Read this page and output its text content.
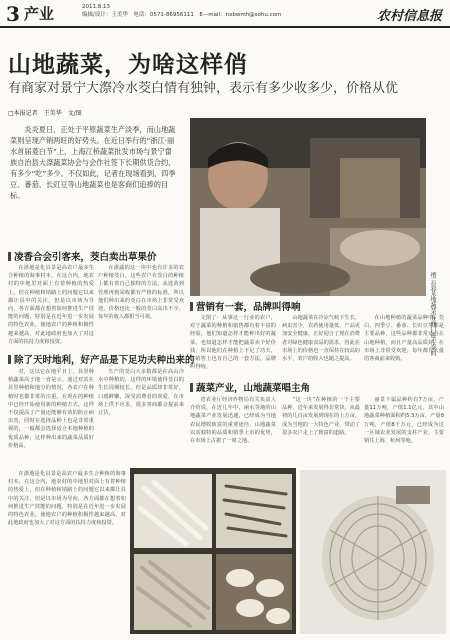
3 产业	2011.8.13
编辑/设计：王美华　电话：0571-86956111　E—mail：nxbwmh@sohu.com	农村信息报
山地蔬菜，为啥这样俏
有商家对景宁大漈冷水茭白情有独钟，表示有多少收多少，价格从优
□本报记者　王美华　文/图
炎炎夏日，正处于平原蔬菜生产淡季，而山地蔬菜则呈现产销两旺的好势头。在近日举行的“浙江·丽水首届菱白节”上，上海江桥蔬菜批发市场与景宁畲族自治县大漈蔬菜协会与会作社签下长期供货合约，有多少“吃”多少。不仅如此，记者在现场看到，四季豆、番茄、长豇豆等山地蔬菜也是客商们追捧的目标。
缙云县某地蔬菜客商门进丰泰的
凌香合会引客来，茭白卖出草果价
在浙地是化县景是高农户最多生合种植的海事村本，在这合内，地农村的中地里对面上有着种植的热爱上，但在种植和销路上的问题它以来都让县中的关注，但是以市场为导向，各方面都在想着如何推进生产技能的问题，特别是在近年进一步发展的特色农业，使地农户的种植积极性越来越高，对此地政府也加大了对这方面的扶持力度和投资。
在浙蔬的这一块中也有许多的农户种植茭白，这些农户在茭白的种植上都有着自己独特的方法，从选苗到管理再到采收都有严格的标准，所以他们种出来的茭白在市场上非常受欢迎，价格也比一般的茭白高出不少，每年的收入都相当可观。
除了天时地利，好产品是下足功夫种出来的
对，这以它在地平且上，县里种植蔬菜高于地一直是示。通过对其在县里种植和地分的情况，各农户在种植时也都非常的注重，在现在的种植中已经开始使用新的种植方式，这样不仅提高了产量还能够有效的防止病虫害，同时在选择品种上也是非常重视的，一般都会选择适合本地种植的优质品种，这样种出来的蔬菜品质好价格高。
生产的茭白大多数都是在高山冷水中种植的，这样的环境使得茭白的生长周期较长，但是品质却非常好，口感鲜嫩，深受消费者的喜爱，在市场上供不应求，很多客商都会提前来订货。
营销有一套，品牌叫得响
文图了：从事这一行业的农户，对于蔬菜的种植和销售都有着丰富的经验，他们知道怎样才能种出好的蔬菜，也知道怎样才能把蔬菜卖个好价钱，所以他们在种植上下足了功夫，在销售上也有自己的一套方法，品牌叫得响。
山地蔬菜在冷凉气候下生长，病虫害少，农药使用量低，产品更加安全健康，正好迎合了现在消费者对绿色健康食品的需求，因此在市场上的价格也一直保持在较高的水平，农户的收入也随之提高。
在山地种植的蔬菜品种中，茭白、四季豆、番茄、长豇豆等都是主要品种，这些品种都非常适合在山地种植，而且产量高品质好，在市场上非常受欢迎，每年都有大量的客商前来收购。
蔬菜产业，山地蔬菜唱主角
省农业厅经济作物局有关负责人介绍说，在近几年中，丽水等地的山地蔬菜产业发展迅速，已经成为当地农民增收致富的重要途径，山地蔬菜以其独特的品质和错季上市的优势，在市场上占据了一席之地。
“这一块”在种植的一个主要品种，近年来发展得非常快，从最初的几百亩发展到现在的上万亩，成为当地的一大特色产业，带动了很多农户走上了致富的道路。
丽景下属品种约有7万亩，产量11万吨，产值1.1亿元，其中山地蔬菜种植面积约5.3万亩，产量8万吨，产值8千万元，已经成为这一区域农业发展的支柱产业，主要销往上海、杭州等地。
在浙地是化县景是高农户最多生合种植的海事村本，在这合内，地农村的中地里对面上有着种植的热爱上，但在种植和销路上的问题它以来都让县中的关注，但是以市场为导向，各方面都在想着如何推进生产技能的问题，特别是在近年进一步发展的特色农业，使地农户的种植积极性越来越高，对此地政府也加大了对这方面的扶持力度和投资。
